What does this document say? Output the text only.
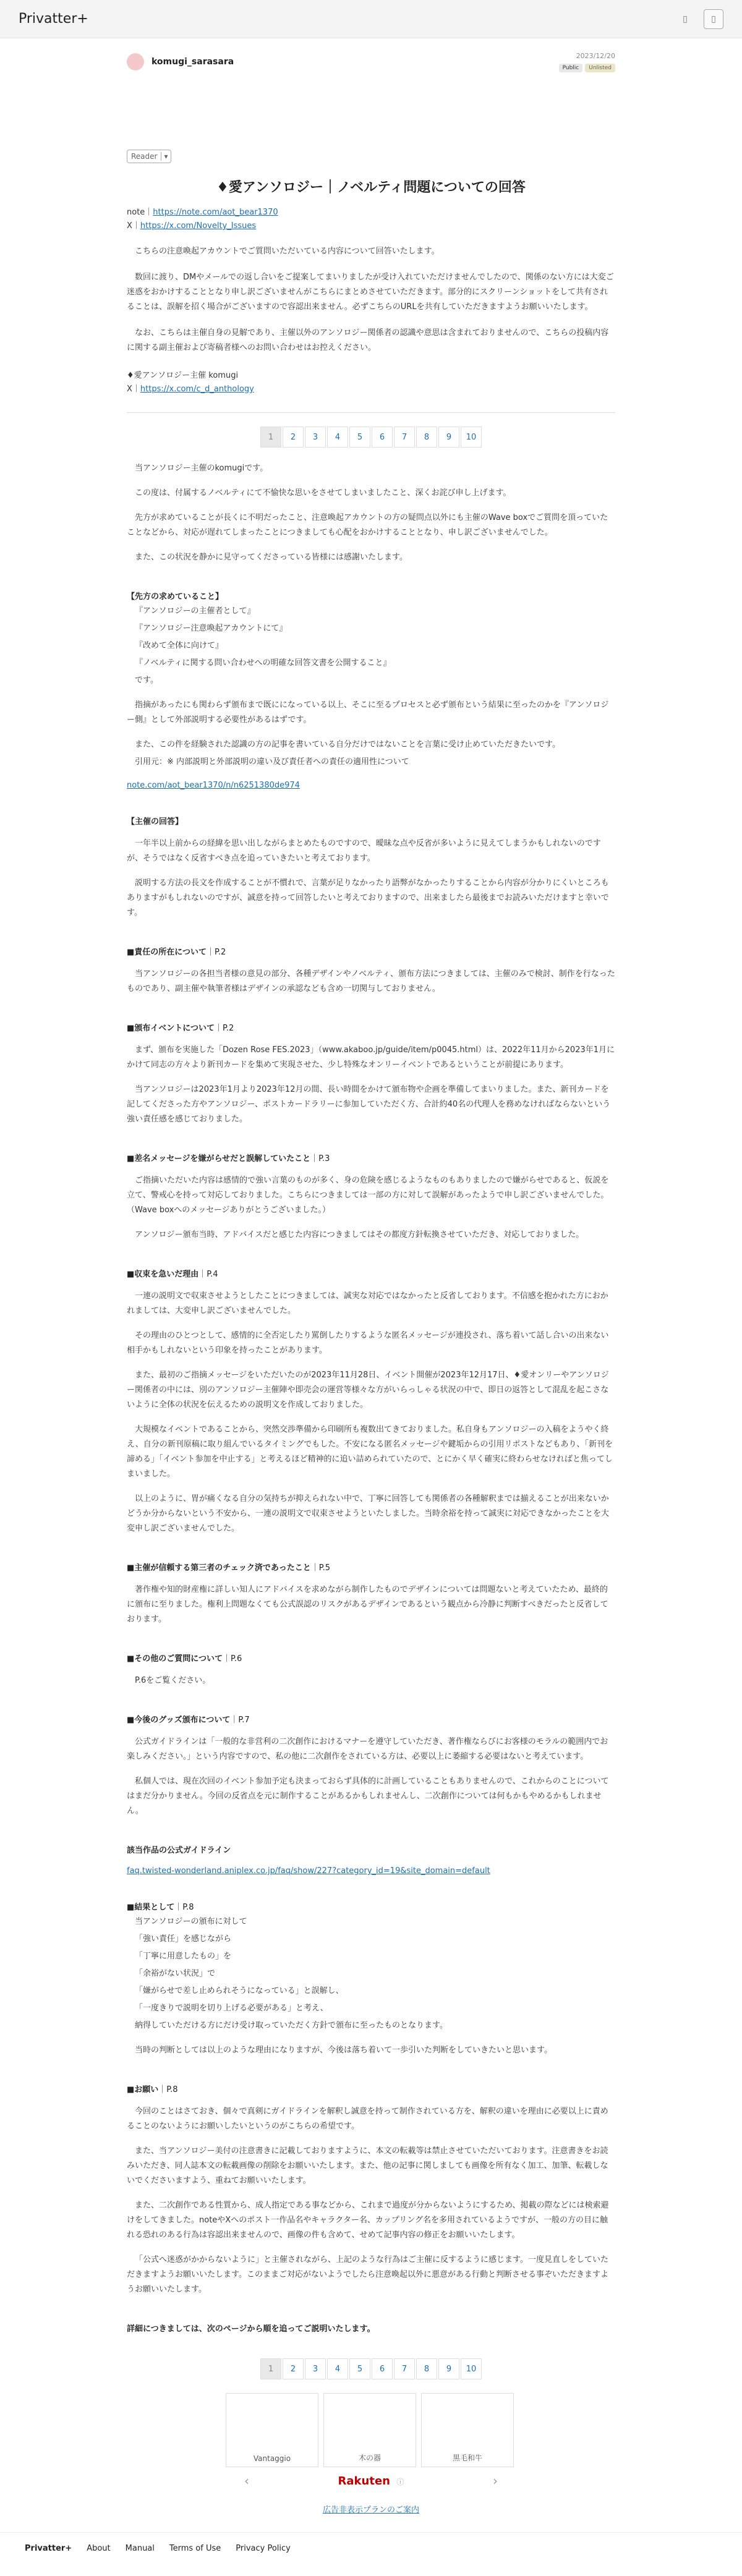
Privatter+	▯	▯
komugi_sarasara
2023/12/20
Public	Unlisted
Reader ▾
♦愛アンソロジー｜ノベルティ問題についての回答
note｜https://note.com/aot_bear1370
X｜https://x.com/Novelty_Issues

こちらの注意喚起アカウントでご質問いただいている内容について回答いたします。

数回に渡り、DMやメールでの返し合いをご提案してまいりましたが受け入れていただけませんでしたので、関係のない方には大変ご迷惑をおかけすることとなり申し訳ございませんがこちらにまとめさせていただきます。部分的にスクリーンショットをして共有されることは、誤解を招く場合がございますので容認出来ません。必ずこちらのURLを共有していただきますようお願いいたします。

なお、こちらは主催自身の見解であり、主催以外のアンソロジー関係者の認識や意思は含まれておりませんので、こちらの投稿内容に関する副主催および寄稿者様へのお問い合わせはお控えください。

♦愛アンソロジー主催 komugi
X｜https://x.com/c_d_anthology
1	2	3	4	5	6	7	8	9	10

当アンソロジー主催のkomugiです。

この度は、付属するノベルティにて不愉快な思いをさせてしまいましたこと、深くお詫び申し上げます。

先方が求めていることが長くに不明だったこと、注意喚起アカウントの方の疑問点以外にも主催のWave boxでご質問を頂っていたことなどから、対応が遅れてしまったことにつきましても心配をおかけすることとなり、申し訳ございませんでした。

また、この状況を静かに見守ってくださっている皆様には感謝いたします。

【先方の求めていること】

『アンソロジーの主催者として』

『アンソロジー注意喚起アカウントにて』

『改めて全体に向けて』

『ノベルティに関する問い合わせへの明確な回答文書を公開すること』

です。

指摘があったにも関わらず頒布まで既にになっている以上、そこに至るプロセスと必ず頒布という結果に至ったのかを『アンソロジー側』として外部説明する必要性があるはずです。

また、この件を経験された認識の方の記事を書いている自分だけではないことを言葉に受け止めていただきたいです。

引用元：※ 内部説明と外部説明の違い及び責任者への責任の適用性について

note.com/aot_bear1370/n/n6251380de974
【主催の回答】

一年半以上前からの経緯を思い出しながらまとめたものですので、曖昧な点や反省が多いように見えてしまうかもしれないのですが、そうではなく反省すべき点を追っていきたいと考えております。

説明する方法の長文を作成することが不慣れで、言葉が足りなかったり語弊がなかったりすることから内容が分かりにくいところもありますがもしれないのですが、誠意を持って回答したいと考えておりますので、出来ましたら最後までお読みいただけますと幸いです。

■責任の所在について｜P.2

当アンソロジーの各担当者様の意見の部分、各種デザインやノベルティ、頒布方法につきましては、主催のみで検討、制作を行なったものであり、副主催や執筆者様はデザインの承認なども含め一切関与しておりません。

■頒布イベントについて｜P.2

まず、頒布を実施した「Dozen Rose FES.2023」（www.akaboo.jp/guide/item/p0045.html）は、2022年11月から2023年1月にかけて同志の方々より新刊カードを集めて実現させた、少し特殊なオンリーイベントであるということが前提にあります。

当アンソロジーは2023年1月より2023年12月の間、長い時間をかけて頒布物や企画を準備してまいりました。また、新刊カードを記してくださった方やアンソロジー、ポストカードラリーに参加していただく方、合計約40名の代理人を務めなければならないという強い責任感を感じておりました。

■差名メッセージを嫌がらせだと誤解していたこと｜P.3

ご指摘いただいた内容は感情的で強い言葉のものが多く、身の危険を感じるようなものもありましたので嫌がらせであると、仮説を立て、警戒心を持って対応しておりました。こちらにつきましては一部の方に対して誤解があったようで申し訳ございませんでした。（Wave boxへのメッセージありがとうございました。）

アンソロジー頒布当時、アドバイスだと感じた内容につきましてはその都度方針転換させていただき、対応しておりました。

■収束を急いだ理由｜P.4

一連の説明文で収束させようとしたことにつきましては、誠実な対応ではなかったと反省しております。不信感を抱かれた方におかれましては、大変申し訳ございませんでした。

その理由のひとつとして、感情的に全否定したり罵倒したりするような匿名メッセージが連投され、落ち着いて話し合いの出来ない相手かもしれないという印象を持ったことがあります。

また、最初のご指摘メッセージをいただいたのが2023年11月28日、イベント開催が2023年12月17日、♦愛オンリーやアンソロジー関係者の中には、別のアンソロジー主催陣や即売会の運営等様々な方がいらっしゃる状況の中で、即日の返答として混乱を起こさないように全体の状況を伝えるための説明文を作成しておりました。

大規模なイベントであることから、突然交渉準備から印刷所も複数出てきておりました。私自身もアンソロジーの入稿をようやく終え、自分の新刊原稿に取り組んでいるタイミングでもした。不安になる匿名メッセージや鍵垢からの引用リポストなどもあり、「新刊を諦める」「イベント参加を中止する」と考えるほど精神的に追い詰められていたので、とにかく早く確実に終わらせなければと焦ってしまいました。

以上のように、胃が痛くなる自分の気持ちが抑えられない中で、丁寧に回答しても関係者の各種解釈までは揃えることが出来ないかどうか分からないという不安から、一連の説明文で収束させようといたしました。当時余裕を持って誠実に対応できなかったことを大変申し訳ございませんでした。

■主催が信頼する第三者のチェック済であったこと｜P.5

著作権や知的財産権に詳しい知人にアドバイスを求めながら制作したものでデザインについては問題ないと考えていたため、最終的に頒布に至りました。権利上問題なくても公式誤認のリスクがあるデザインであるという観点から冷静に判断すべきだったと反省しております。

■その他のご質問について｜P.6

P.6をご覧ください。

■今後のグッズ頒布について｜P.7

公式ガイドラインは「一般的な非営利の二次創作におけるマナーを遵守していただき、著作権ならびにお客様のモラルの範囲内でお楽しみください。」という内容ですので、私の他に二次創作をされている方は、必要以上に萎縮する必要はないと考えています。

私個人では、現在次回のイベント参加予定も決まっておらず具体的に計画していることもありませんので、これからのことについてはまだ分かりません。今回の反省点を元に制作することがあるかもしれませんし、二次創作については何もかもやめるかもしれません。

該当作品の公式ガイドライン
faq.twisted-wonderland.aniplex.co.jp/faq/show/227?category_id=19&site_domain=default
■結果として｜P.8

当アンソロジーの頒布に対して

「強い責任」を感じながら

「丁寧に用意したもの」を

「余裕がない状況」で

「嫌がらせで差し止められそうになっている」と誤解し、

「一度きりで説明を切り上げる必要がある」と考え、

納得していただける方にだけ受け取っていただく方針で頒布に至ったものとなります。

当時の判断としては以上のような理由になりますが、今後は落ち着いて一歩引いた判断をしていきたいと思います。

■お願い｜P.8

今回のことはさておき、個々で真剣にガイドラインを解釈し誠意を持って制作されている方を、解釈の違いを理由に必要以上に責めることのないようにお願いしたいというのがこちらの希望です。

また、当アンソロジー美付の注意書きに記載しておりますように、本文の転載等は禁止させていただいております。注意書きをお読みいただき、同人誌本文の転載画像の削除をお願いいたします。また、他の記事に関しましても画像を所有なく加工、加筆、転載しないでくださいますよう、重ねてお願いいたします。

また、二次創作である性質から、成人指定である事などから、これまで過度が分からないようにするため、掲載の際などには検索避けをしてきました。noteやXへのポスト一作品名やキャラクター名、カップリング名を多用されているようですが、一般の方の目に触れる恐れのある行為は容認出来ませんので、画像の件も含めて、せめて記事内容の修正をお願いいたします。

「公式へ迷惑がかからないように」と主催されながら、上記のような行為はご主催に反するように感じます。一度見直しをしていただきますようお願いいたします。このままご対応がないようでしたら注意喚起以外に悪意がある行動と判断させる事ぞいただきますようお願いいたします。

詳細につきましては、次のページから順を追ってご説明いたします。
1	2	3	4	5	6	7	8	9	10
Vantaggio	木の器	黒毛和牛
‹	Rakuten ⓘ	›
広告非表示プランのご案内
Privatter+ About Manual Terms of Use Privacy Policy
